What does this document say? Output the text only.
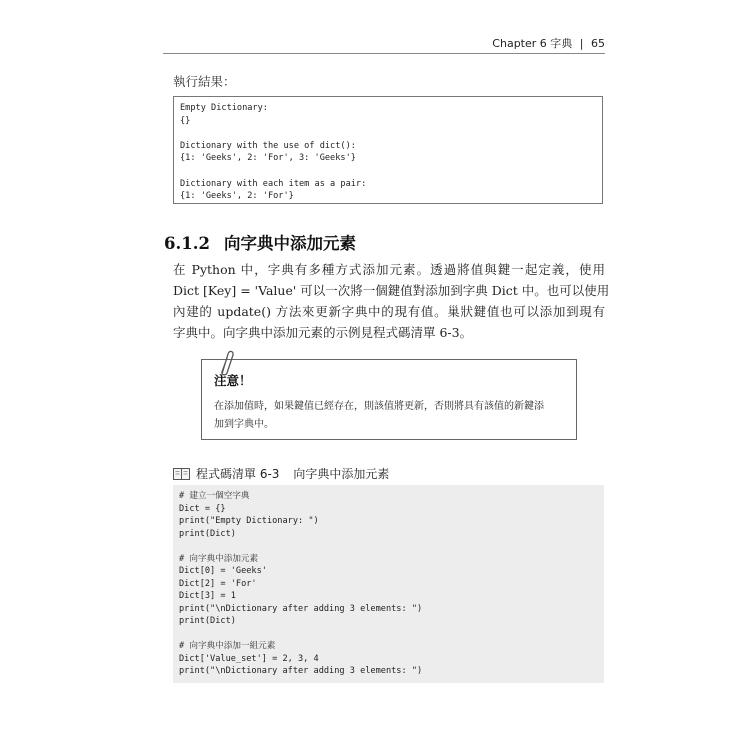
Chapter 6 字典 | 65
執行結果：
Empty Dictionary:
{}
Dictionary with the use of dict():
{1: 'Geeks', 2: 'For', 3: 'Geeks'}
Dictionary with each item as a pair:
{1: 'Geeks', 2: 'For'}
6.1.2 向字典中添加元素
在 Python 中，字典有多種方式添加元素。透過將值與鍵一起定義，使用
Dict [Key] = 'Value' 可以一次將一個鍵值對添加到字典 Dict 中。也可以使用
內建的 update() 方法來更新字典中的現有值。巢狀鍵值也可以添加到現有
字典中。向字典中添加元素的示例見程式碼清單 6-3。
注意！
在添加值時，如果鍵值已經存在，則該值將更新，否則將具有該值的新鍵添
加到字典中。
程式碼清單 6-3 向字典中添加元素
# 建立一個空字典
Dict = {}
print("Empty Dictionary: ")
print(Dict)
# 向字典中添加元素
Dict[0] = 'Geeks'
Dict[2] = 'For'
Dict[3] = 1
print("\nDictionary after adding 3 elements: ")
print(Dict)
# 向字典中添加一組元素
Dict['Value_set'] = 2, 3, 4
print("\nDictionary after adding 3 elements: ")
